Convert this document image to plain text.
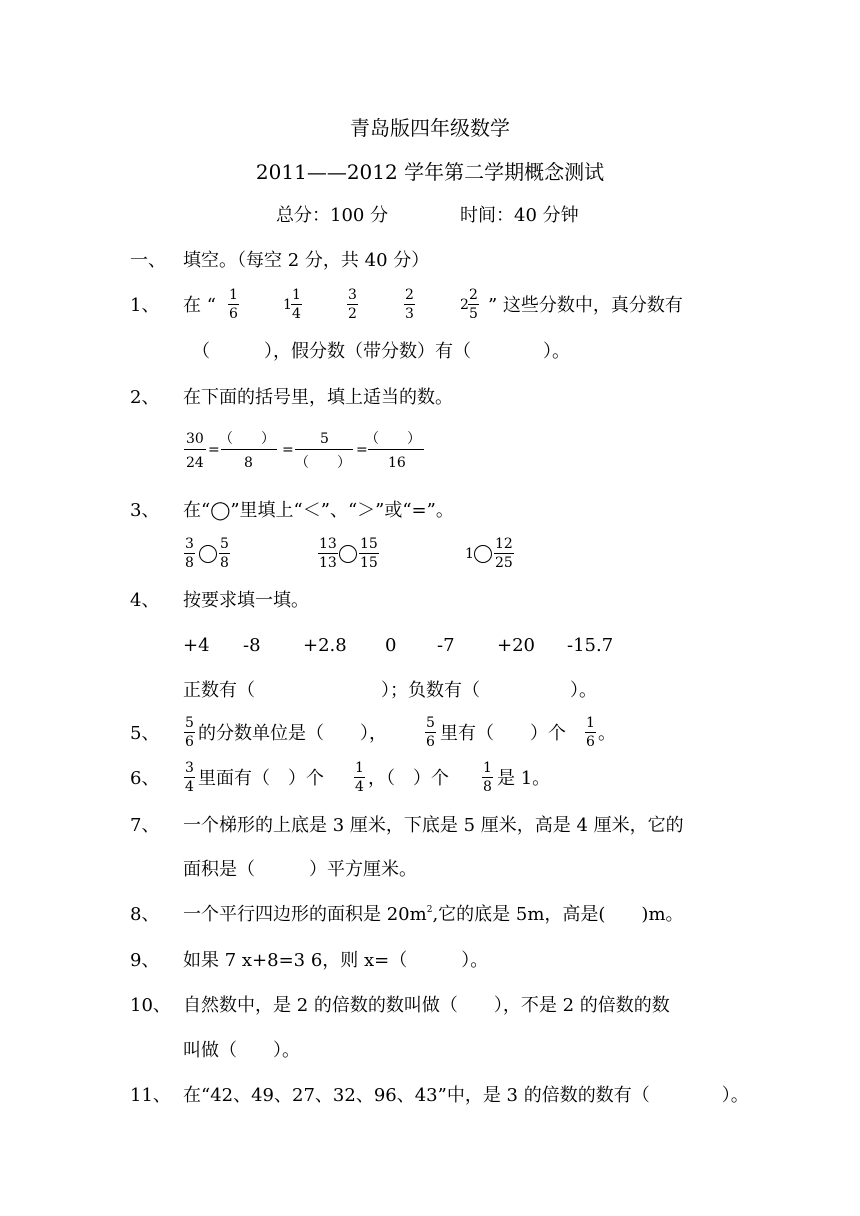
青岛版四年级数学
2011——2012 学年第二学期概念测试
总分：100 分	时间：40 分钟
一、 填空。（每空 2 分，共 40 分）
1、 在 “ $\frac{1}{6}$	$1 \frac{1}{4}$	$\frac{3}{2}$	$\frac{2}{3}$	$2 \frac{2}{5}$ ” 这些分数中，真分数有
（　　　），假分数（带分数）有（　　　　）。
2、 在下面的括号里，填上适当的数。
30
24
=
（　　）
8
=
5
（　　）
=
（　　）
16
3、 在“◯”里填上“＜”、“＞”或“=”。
$\frac{3}{8} \frac{5}{8}$	$\frac{13}{13} \frac{15}{15}$	$1 \frac{12}{25}$
4、 按要求填一填。
+4 -8 +2.8 0 -7 +20 -15.7
正数有（　　　　　　　）；负数有（　　　　　）。
5、 $\frac{5}{6}$ 的分数单位是（　　），	$\frac{5}{6}$ 里有（　　）个 $\frac{1}{6}$ 。
6、 $\frac{3}{4}$ 里面有（　）个 $\frac{1}{4}$ ，（　）个 $\frac{1}{8}$ 是 1。
7、 一个梯形的上底是 3 厘米，下底是 5 厘米，高是 4 厘米，它的
面积是（　　　）平方厘米。
8、 一个平行四边形的面积是 $20m^2$,它的底是 5m，高是(　　)m。
9、 如果 7 x+8=3 6，则 x=（　　　）。
10、 自然数中，是 2 的倍数的数叫做（　　），不是 2 的倍数的数
叫做（　　）。
11、 在“42、49、27、32、96、43”中，是 3 的倍数的数有（　　　　）。
